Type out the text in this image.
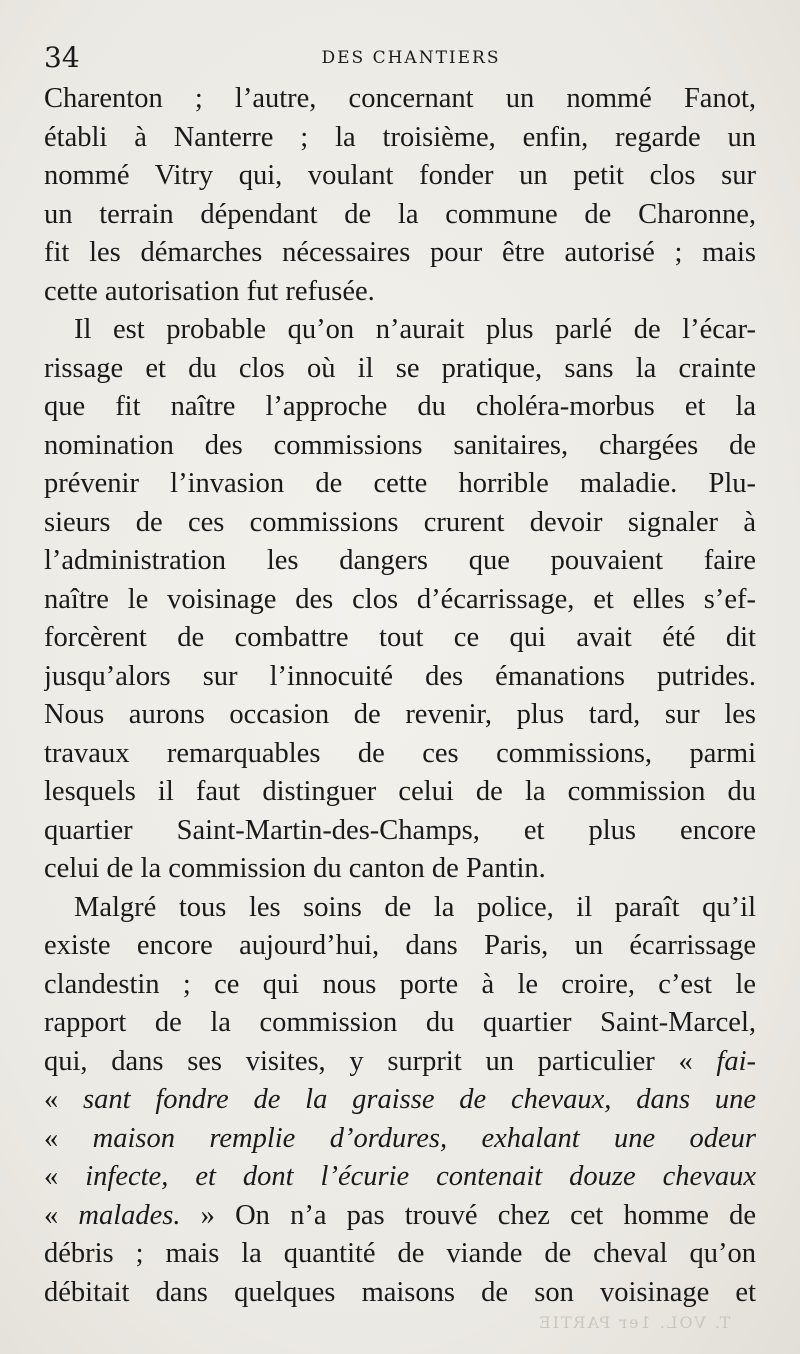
34	DES CHANTIERS
Charenton ; l’autre, concernant un nommé Fanot,
établi à Nanterre ; la troisième, enfin, regarde un
nommé Vitry qui, voulant fonder un petit clos sur
un terrain dépendant de la commune de Charonne,
fit les démarches nécessaires pour être autorisé ; mais
cette autorisation fut refusée.
Il est probable qu’on n’aurait plus parlé de l’écar-
rissage et du clos où il se pratique, sans la crainte
que fit naître l’approche du choléra-morbus et la
nomination des commissions sanitaires, chargées de
prévenir l’invasion de cette horrible maladie. Plu-
sieurs de ces commissions crurent devoir signaler à
l’administration les dangers que pouvaient faire
naître le voisinage des clos d’écarrissage, et elles s’ef-
forcèrent de combattre tout ce qui avait été dit
jusqu’alors sur l’innocuité des émanations putrides.
Nous aurons occasion de revenir, plus tard, sur les
travaux remarquables de ces commissions, parmi
lesquels il faut distinguer celui de la commission du
quartier Saint-Martin-des-Champs, et plus encore
celui de la commission du canton de Pantin.
Malgré tous les soins de la police, il paraît qu’il
existe encore aujourd’hui, dans Paris, un écarrissage
clandestin ; ce qui nous porte à le croire, c’est le
rapport de la commission du quartier Saint-Marcel,
qui, dans ses visites, y surprit un particulier « fai-
« sant fondre de la graisse de chevaux, dans une
« maison remplie d’ordures, exhalant une odeur
« infecte, et dont l’écurie contenait douze chevaux
« malades. » On n’a pas trouvé chez cet homme de
débris ; mais la quantité de viande de cheval qu’on
débitait dans quelques maisons de son voisinage et
T. VOL. 1er PARTIE
